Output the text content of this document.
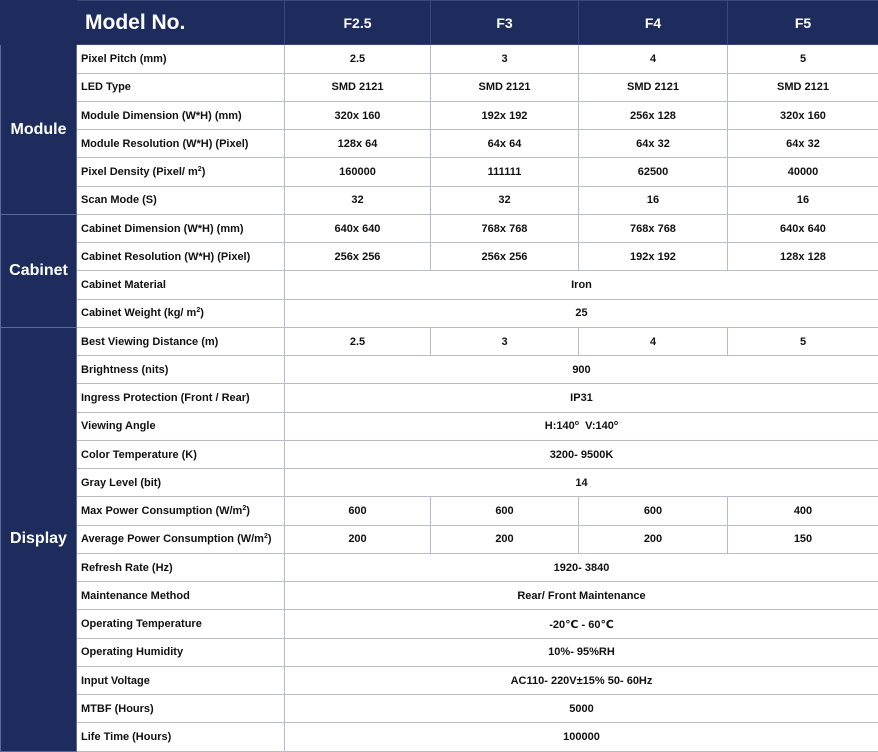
	Model No.	F2.5	F3	F4	F5
Module	Pixel Pitch (mm)	2.5	3	4	5
	LED Type	SMD 2121	SMD 2121	SMD 2121	SMD 2121
	Module Dimension (W*H) (mm)	320x 160	192x 192	256x 128	320x 160
	Module Resolution (W*H) (Pixel)	128x 64	64x 64	64x 32	64x 32
	Pixel Density (Pixel/ $m^2$)	160000	111111	62500	40000
	Scan Mode (S)	32	32	16	16
Cabinet	Cabinet Dimension (W*H) (mm)	640x 640	768x 768	768x 768	640x 640
	Cabinet Resolution (W*H) (Pixel)	256x 256	256x 256	192x 192	128x 128
	Cabinet Material	Iron			
	Cabinet Weight (kg/ $m^2$)	25			
Display	Best Viewing Distance (m)	2.5	3	4	5
	Brightness (nits)	900			
	Ingress Protection (Front / Rear)	IP31			
	Viewing Angle	H:140$^o$  V:140$^o$
	Color Temperature (K)	3200- 9500K			
	Gray Level (bit)	14			
	Max Power Consumption $(W/m^2)$	600	600	600	400
	Average Power Consumption $(W/m^2)$	200	200	200	150
	Refresh Rate (Hz)	1920- 3840			
	Maintenance Method	Rear/ Front Maintenance			
	Operating Temperature	-20℃ - 60℃			
	Operating Humidity	10%- 95%RH			
	Input Voltage	AC110- 220V±15% 50- 60Hz			
	MTBF (Hours)	5000			
	Life Time (Hours)	100000			
